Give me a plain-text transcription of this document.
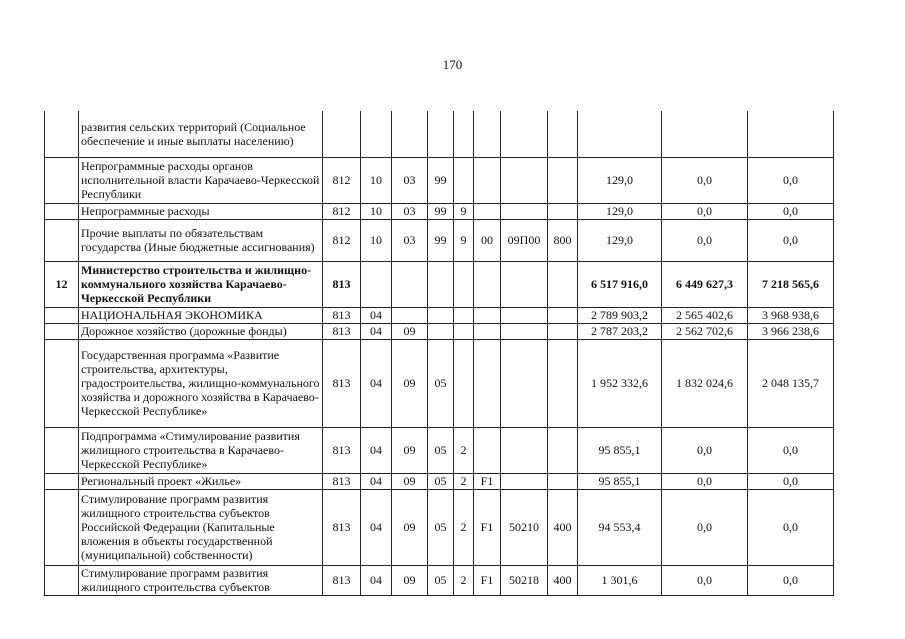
170
	развития сельских территорий (Социальное обеспечение и иные выплаты населению)											
	Непрограммные расходы органов исполнительной власти Карачаево-Черкесской Республики	812	10	03	99					129,0	0,0	0,0
	Непрограммные расходы	812	10	03	99	9				129,0	0,0	0,0
	Прочие выплаты по обязательствам государства (Иные бюджетные ассигнования)	812	10	03	99	9	00	09П00	800	129,0	0,0	0,0
12	Министерство строительства и жилищно-коммунального хозяйства Карачаево-Черкесской Республики	813								6 517 916,0	6 449 627,3	7 218 565,6
	НАЦИОНАЛЬНАЯ ЭКОНОМИКА	813	04							2 789 903,2	2 565 402,6	3 968 938,6
	Дорожное хозяйство (дорожные фонды)	813	04	09						2 787 203,2	2 562 702,6	3 966 238,6
	Государственная программа «Развитие строительства, архитектуры, градостроительства, жилищно-коммунального хозяйства и дорожного хозяйства в Карачаево-Черкесской Республике»	813	04	09	05					1 952 332,6	1 832 024,6	2 048 135,7
	Подпрограмма «Стимулирование развития жилищного строительства в Карачаево-Черкесской Республике»	813	04	09	05	2				95 855,1	0,0	0,0
	Региональный проект «Жилье»	813	04	09	05	2	F1			95 855,1	0,0	0,0
	Стимулирование программ развития жилищного строительства субъектов Российской Федерации (Капитальные вложения в объекты государственной (муниципальной) собственности)	813	04	09	05	2	F1	50210	400	94 553,4	0,0	0,0
	Стимулирование программ развития жилищного строительства субъектов	813	04	09	05	2	F1	50218	400	1 301,6	0,0	0,0
